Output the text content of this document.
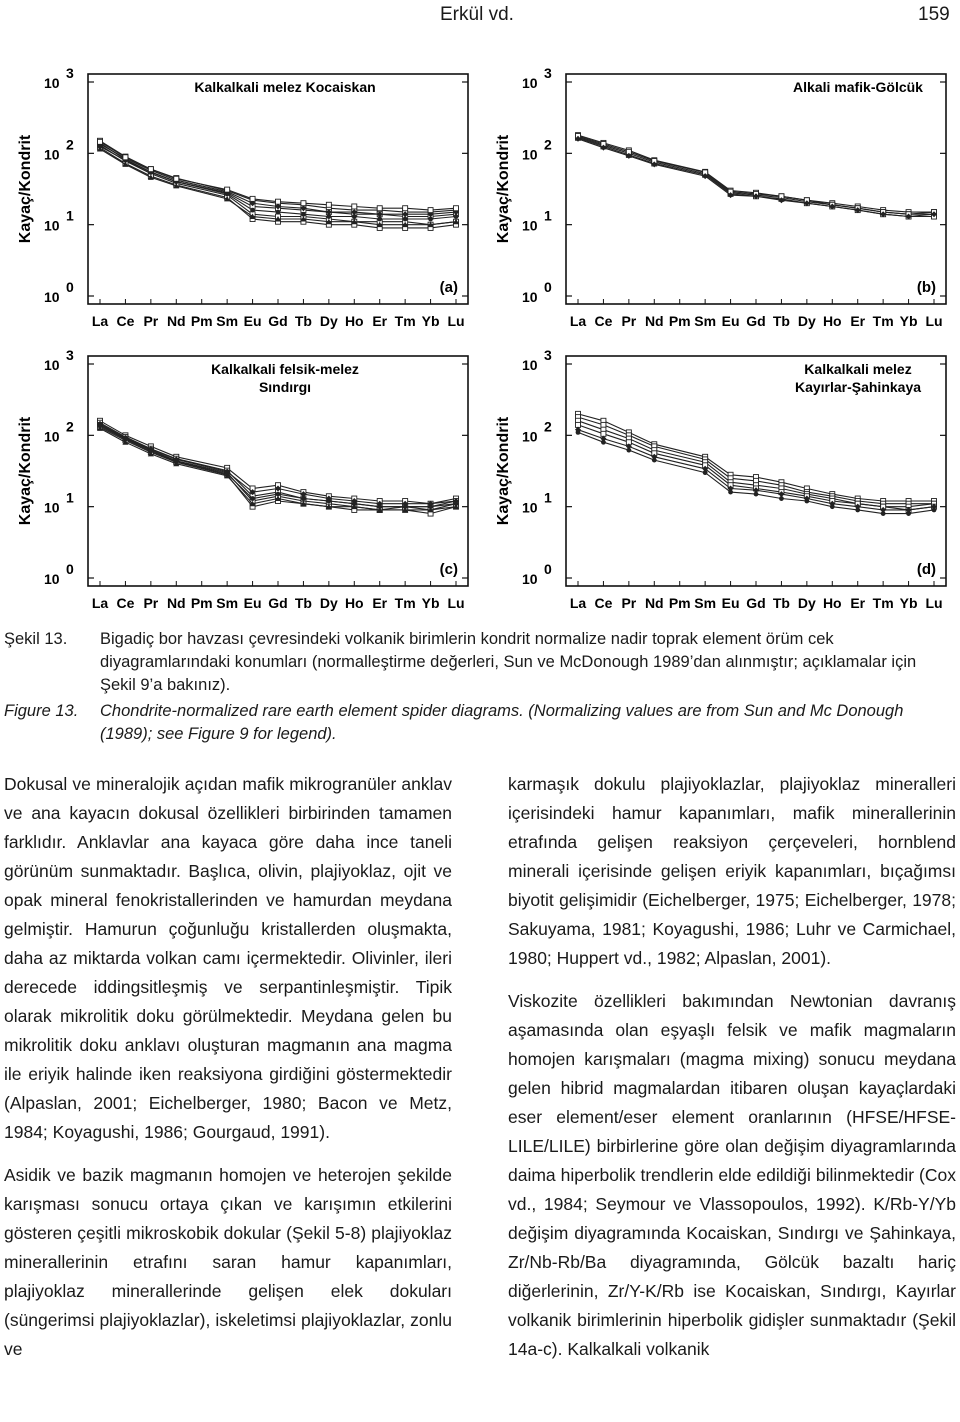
Erkül vd.	159
Kayaç/Kondrit
10
3
10
2
10
1
10
0
La Ce Pr Nd Pm Sm Eu Gd Tb Dy Ho Er Tm Yb Lu
Kalkalkali melez Kocaiskan
(a)
Kayaç/Kondrit
10
3
10
2
10
1
10
0
La Ce Pr Nd Pm Sm Eu Gd Tb Dy Ho Er Tm Yb Lu
Alkali mafik-Gölcük
(b)
Kayaç/Kondrit
10
3
10
2
10
1
10
0
La Ce Pr Nd Pm Sm Eu Gd Tb Dy Ho Er Tm Yb Lu
Kalkalkali felsik-melez
Sındırgı
(c)
Kayaç/Kondrit
10
3
10
2
10
1
10
0
La Ce Pr Nd Pm Sm Eu Gd Tb Dy Ho Er Tm Yb Lu
Kalkalkali melez
Kayırlar-Şahinkaya
(d)
Şekil 13. Bigadiç bor havzası çevresindeki volkanik birimlerin kondrit normalize nadir toprak element örüm cek diyagramlarındaki konumları (normalleştirme değerleri, Sun ve McDonough 1989’dan alınmıştır; açıklamalar için Şekil 9’a bakınız).
Figure 13. Chondrite-normalized rare earth element spider diagrams. (Normalizing values are from Sun and Mc Donough (1989); see Figure 9 for legend).

Dokusal ve mineralojik açıdan mafik mikrogranüler anklav ve ana kayacın dokusal özellikleri birbirinden tamamen farklıdır. Anklavlar ana kayaca göre daha ince taneli görünüm sunmaktadır. Başlıca, olivin, plajiyoklaz, ojit ve opak mineral fenokristallerinden ve hamurdan meydana gelmiştir. Hamurun çoğunluğu kristallerden oluşmakta, daha az miktarda volkan camı içermektedir. Olivinler, ileri derecede iddingsitleşmiş ve serpantinleşmiştir. Tipik olarak mikrolitik doku görülmektedir. Meydana gelen bu mikrolitik doku anklavı oluşturan magmanın ana magma ile eriyik halinde iken reaksiyona girdiğini göstermektedir (Alpaslan, 2001; Eichelberger, 1980; Bacon ve Metz, 1984; Koyagushi, 1986; Gourgaud, 1991).

Asidik ve bazik magmanın homojen ve heterojen şekilde karışması sonucu ortaya çıkan ve karışımın etkilerini gösteren çeşitli mikroskobik dokular (Şekil 5-8) plajiyoklaz minerallerinin etrafını saran hamur kapanımları, plajiyoklaz minerallerinde gelişen elek dokuları (süngerimsi plajiyoklazlar), iskeletimsi plajiyoklazlar, zonlu ve

karmaşık dokulu plajiyoklazlar, plajiyoklaz mineralleri içerisindeki hamur kapanımları, mafik minerallerinin etrafında gelişen reaksiyon çerçeveleri, hornblend minerali içerisinde gelişen eriyik kapanımları, bıçağımsı biyotit gelişimidir (Eichelberger, 1975; Eichelberger, 1978; Sakuyama, 1981; Koyagushi, 1986; Luhr ve Carmichael, 1980; Huppert vd., 1982; Alpaslan, 2001).

Viskozite özellikleri bakımından Newtonian davranış aşamasında olan eşyaşlı felsik ve mafik magmaların homojen karışmaları (magma mixing) sonucu meydana gelen hibrid magmalardan itibaren oluşan kayaçlardaki eser element/eser element oranlarının (HFSE/HFSE-LILE/LILE) birbirlerine göre olan değişim diyagramlarında daima hiperbolik trendlerin elde edildiği bilinmektedir (Cox vd., 1984; Seymour ve Vlassopoulos, 1992). K/Rb-Y/Yb değişim diyagramında Kocaiskan, Sındırgı ve Şahinkaya, Zr/Nb-Rb/Ba diyagramında, Gölcük bazaltı hariç diğerlerinin, Zr/Y-K/Rb ise Kocaiskan, Sındırgı, Kayırlar volkanik birimlerinin hiperbolik gidişler sunmaktadır (Şekil 14a-c). Kalkalkali volkanik
